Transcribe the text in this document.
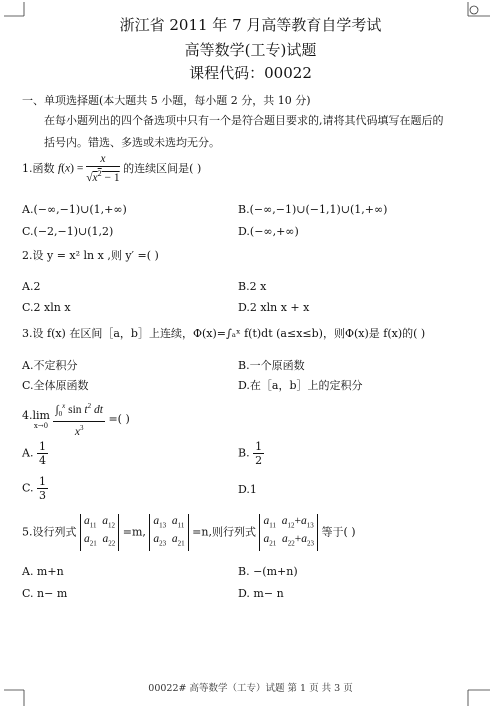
浙江省 2011 年 7 月高等教育自学考试
高等数学(工专)试题
课程代码：00022
一、单项选择题(本大题共 5 小题，每小题 2 分，共 10 分)
在每小题列出的四个备选项中只有一个是符合题目要求的,请将其代码填写在题后的
括号内。错选、多选或未选均无分。
1.函数 $f(x) = \frac{x}{√x^2 - 1}$ 的连续区间是( )
A.(−∞,−1)∪(1,+∞)	B.(−∞,−1)∪(−1,1)∪(1,+∞)
C.(−2,−1)∪(1,2)	D.(−∞,+∞)
2.设 y = x² ln x ,则 y′ =( )
A.2	B.2 x
C.2 xln x	D.2 xln x + x
3.设 f(x) 在区间［a，b］上连续，Φ(x)=∫ₐˣ f(t)dt (a≤x≤b)，则Φ(x)是 f(x)的( )
A.不定积分	B.一个原函数
C.全体原函数	D.在［a，b］上的定积分
4.lim
x→0
$\frac{\int_0^x \sin t^2 dt}{x^3}$ =( )
A. $\frac{1}{4}$	B. $\frac{1}{2}$
C. $\frac{1}{3}$	D.1
5.设行列式
$a_{11}$ $a_{12}$
$a_{21}$ $a_{22}$
=m,
$a_{13}$ $a_{11}$
$a_{23}$ $a_{21}$
=n,则行列式
$a_{11}$ $a_{12}+a_{13}$
$a_{21}$ $a_{22}+a_{23}$
等于( )
A. m+n	B. −(m+n)
C. n− m	D. m− n
00022# 高等数学（工专）试题 第 1 页 共 3 页
